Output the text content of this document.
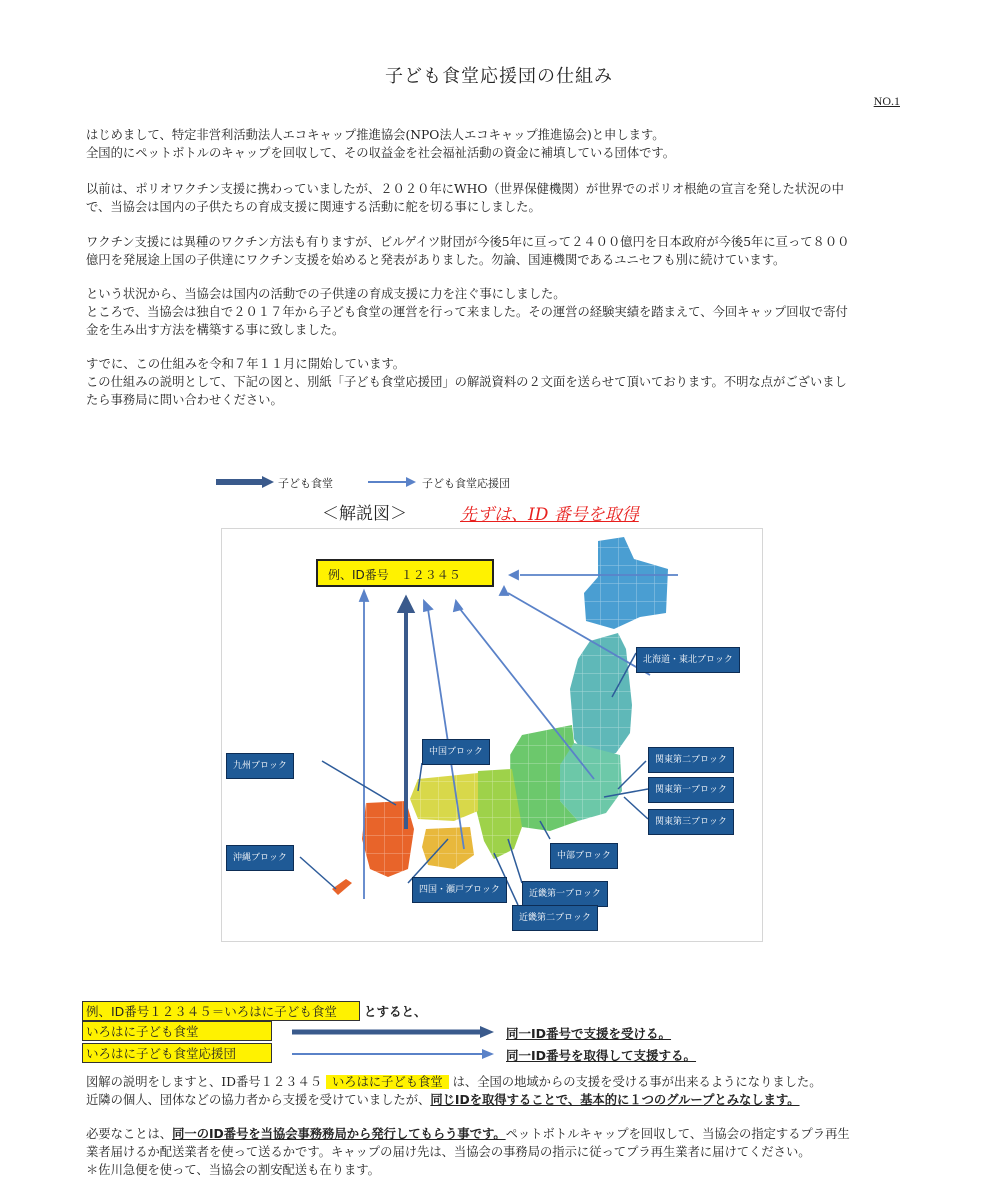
子ども食堂応援団の仕組み
NO.1

はじめまして、特定非営利活動法人エコキャップ推進協会(NPO法人エコキャップ推進協会)と申します。

全国的にペットボトルのキャップを回収して、その収益金を社会福祉活動の資金に補填している団体です。

以前は、ポリオワクチン支援に携わっていましたが、２０２０年にWHO（世界保健機関）が世界でのポリオ根絶の宣言を発した状況の中

で、当協会は国内の子供たちの育成支援に関連する活動に舵を切る事にしました。

ワクチン支援には異種のワクチン方法も有りますが、ビルゲイツ財団が今後5年に亘って２４００億円を日本政府が今後5年に亘って８００

億円を発展途上国の子供達にワクチン支援を始めると発表がありました。勿論、国連機関であるユニセフも別に続けています。

という状況から、当協会は国内の活動での子供達の育成支援に力を注ぐ事にしました。

ところで、当協会は独自で２０１７年から子ども食堂の運営を行って来ました。その運営の経験実績を踏まえて、今回キャップ回収で寄付

金を生み出す方法を構築する事に致しました。

すでに、この仕組みを令和７年１１月に開始しています。

この仕組みの説明として、下記の図と、別紙「子ども食堂応援団」の解説資料の２文面を送らせて頂いております。不明な点がございまし

たら事務局に問い合わせください。

子ども食堂	子ども食堂応援団
＜解説図＞	先ずは、ID 番号を取得
例、ID番号　１２３４５
北海道・東北ブロック
関東第二ブロック
関東第一ブロック
関東第三ブロック
中部ブロック
近畿第一ブロック
近畿第二ブロック
四国・瀬戸ブロック
中国ブロック
九州ブロック
沖縄ブロック
例、ID番号１２３４５＝いろはに子ども食堂	とすると、
いろはに子ども食堂
いろはに子ども食堂応援団
同一ID番号で支援を受ける。
同一ID番号を取得して支援する。

図解の説明をしますと、ID番号１２３４５ いろはに子ども食堂 は、全国の地域からの支援を受ける事が出来るようになりました。

近隣の個人、団体などの協力者から支援を受けていましたが、同じIDを取得することで、基本的に１つのグループとみなします。

必要なことは、同一のID番号を当協会事務務局から発行してもらう事です。ペットボトルキャップを回収して、当協会の指定するプラ再生

業者届けるか配送業者を使って送るかです。キャップの届け先は、当協会の事務局の指示に従ってプラ再生業者に届けてください。

＊佐川急便を使って、当協会の割安配送も在ります。
